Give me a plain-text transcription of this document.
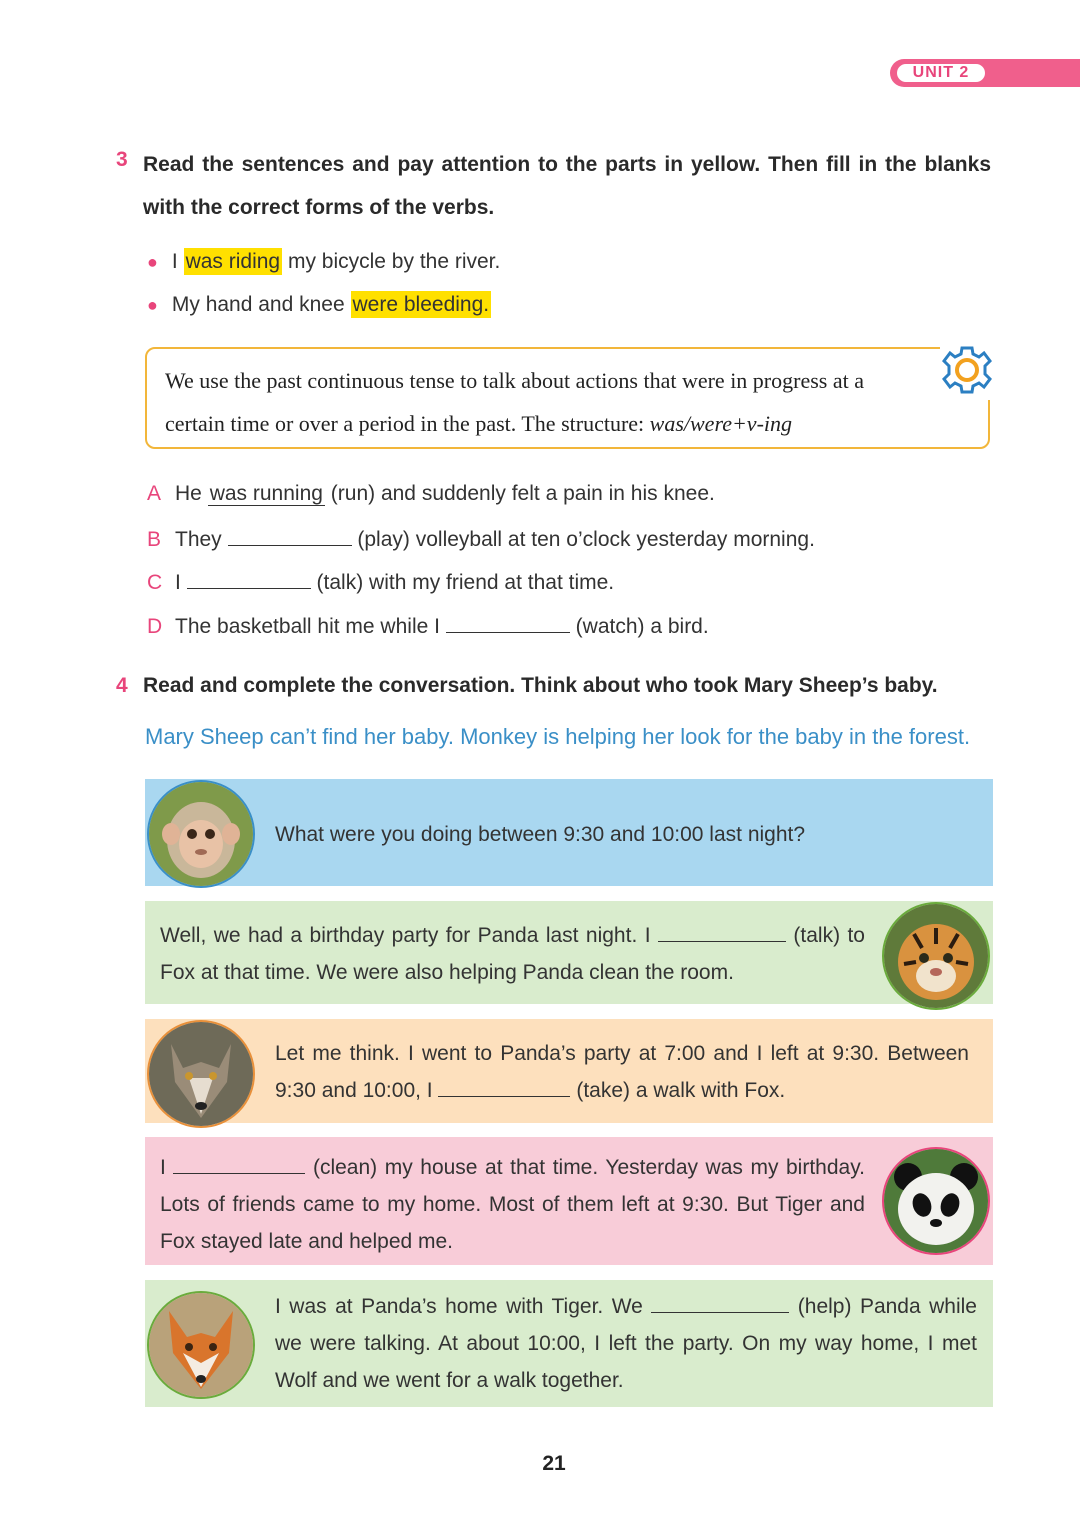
UNIT 2
3 Read the sentences and pay attention to the parts in yellow. Then fill in the blanks with the correct forms of the verbs.
● I was riding my bicycle by the river.
● My hand and knee were bleeding.
We use the past continuous tense to talk about actions that were in progress at a certain time or over a period in the past. The structure: was/were+v-ing
A He was running (run) and suddenly felt a pain in his knee.
B They	(play) volleyball at ten o’clock yesterday morning.
C I	(talk) with my friend at that time.
D The basketball hit me while I	(watch) a bird.
4 Read and complete the conversation. Think about who took Mary Sheep’s baby.
Mary Sheep can’t find her baby. Monkey is helping her look for the baby in the forest.
What were you doing between 9:30 and 10:00 last night?
Well, we had a birthday party for Panda last night. I	(talk) to Fox at that time. We were also helping Panda clean the room.
Let me think. I went to Panda’s party at 7:00 and I left at 9:30. Between 9:30 and 10:00, I	(take) a walk with Fox.
I	(clean) my house at that time. Yesterday was my birthday. Lots of friends came to my home. Most of them left at 9:30. But Tiger and Fox stayed late and helped me.
I was at Panda’s home with Tiger. We	(help) Panda while we were talking. At about 10:00, I left the party. On my way home, I met Wolf and we went for a walk together.
21
